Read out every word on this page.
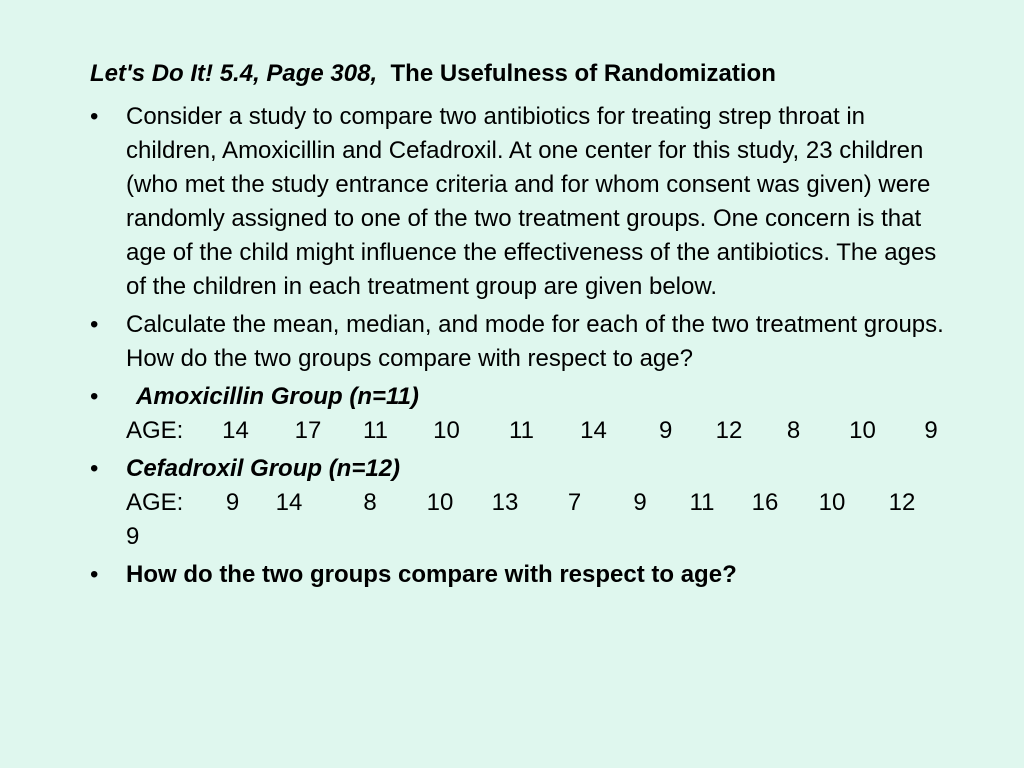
Let's Do It! 5.4, Page 308, The Usefulness of Randomization
• Consider a study to compare two antibiotics for treating strep throat in children, Amoxicillin and Cefadroxil. At one center for this study, 23 children (who met the study entrance criteria and for whom consent was given) were randomly assigned to one of the two treatment groups. One concern is that age of the child might influence the effectiveness of the antibiotics. The ages of the children in each treatment group are given below.
• Calculate the mean, median, and mode for each of the two treatment groups. How do the two groups compare with respect to age?
•	Amoxicillin Group (n=11)
AGE:	14	17	11	10	11	14	9	12	8	10	9
• Cefadroxil Group (n=12)
AGE:	9	14	8	10	13	7	9	11	16	10	12
9
• How do the two groups compare with respect to age?
